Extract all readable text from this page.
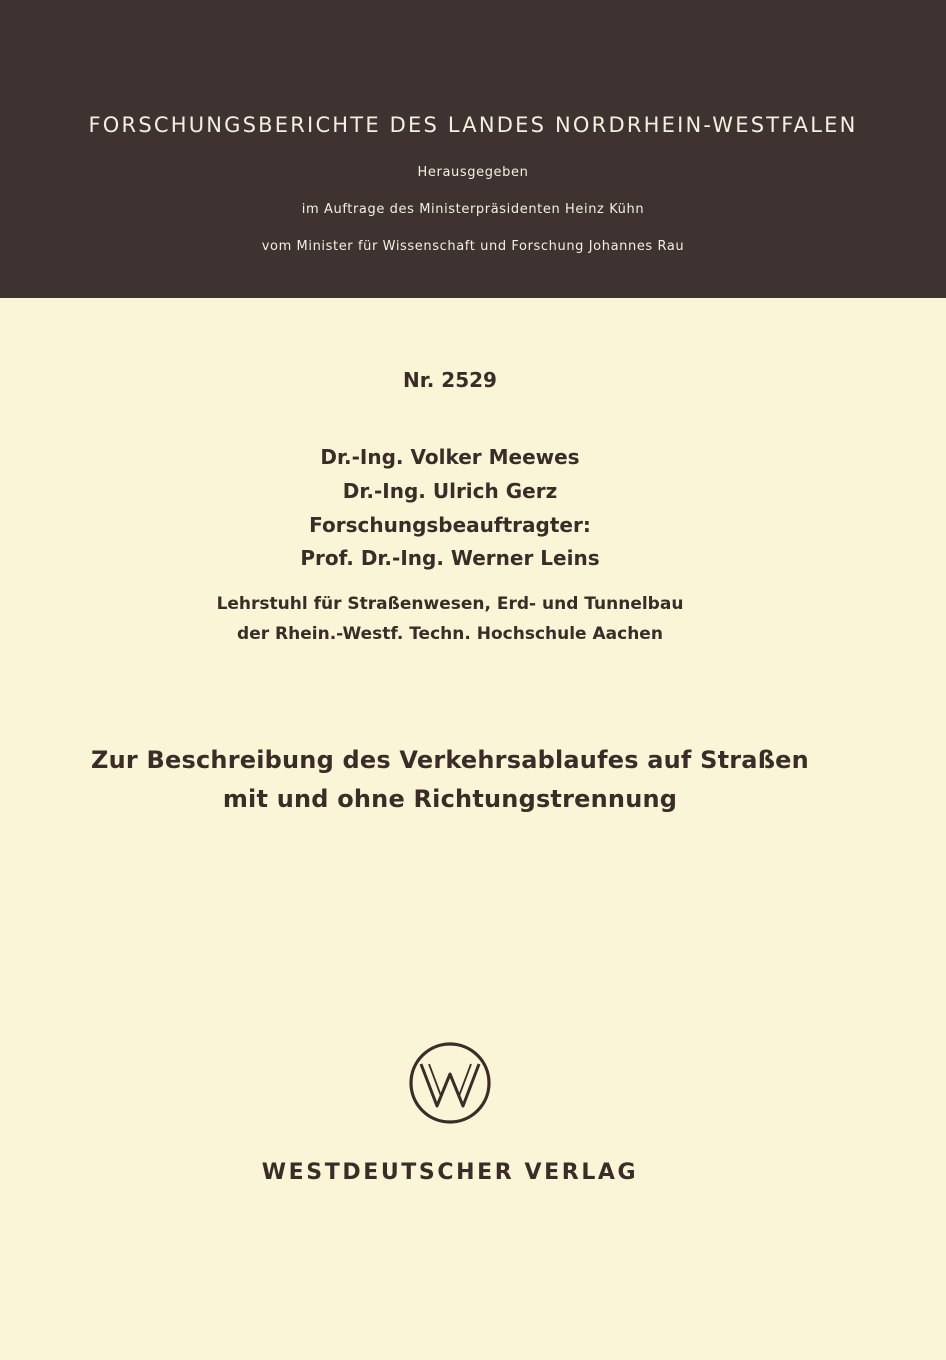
FORSCHUNGSBERICHTE DES LANDES NORDRHEIN-WESTFALEN
Herausgegeben
im Auftrage des Ministerpräsidenten Heinz Kühn
vom Minister für Wissenschaft und Forschung Johannes Rau
Nr. 2529
Dr.-Ing. Volker Meewes
Dr.-Ing. Ulrich Gerz
Forschungsbeauftragter:
Prof. Dr.-Ing. Werner Leins
Lehrstuhl für Straßenwesen, Erd- und Tunnelbau
der Rhein.-Westf. Techn. Hochschule Aachen
Zur Beschreibung des Verkehrsablaufes auf Straßen
mit und ohne Richtungstrennung
WESTDEUTSCHER VERLAG
